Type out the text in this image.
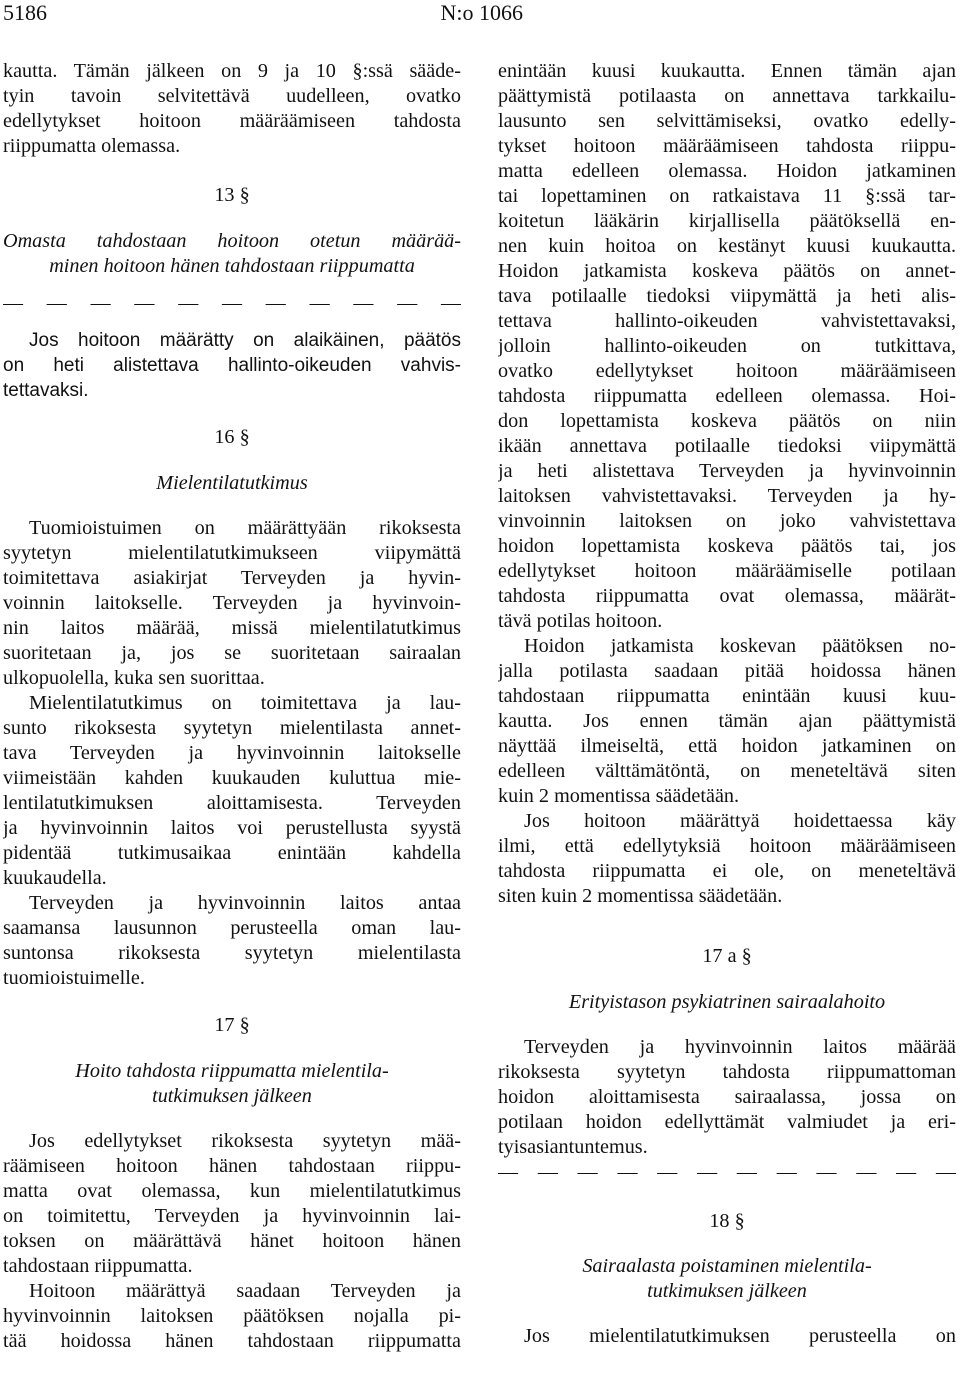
5186	N:o 1066
kautta. Tämän jälkeen on 9 ja 10 §:ssä sääde-
tyin tavoin selvitettävä uudelleen, ovatko
edellytykset hoitoon määräämiseen tahdosta
riippumatta olemassa.
13 §
Omasta tahdostaan hoitoon otetun määrää-
minen hoitoon hänen tahdostaan riippumatta
— — — — — — — — — — —
Jos hoitoon määrätty on alaikäinen, päätös
on heti alistettava hallinto-oikeuden vahvis-
tettavaksi.
16 §
Mielentilatutkimus
Tuomioistuimen on määrättyään rikoksesta
syytetyn mielentilatutkimukseen viipymättä
toimitettava asiakirjat Terveyden ja hyvin-
voinnin laitokselle. Terveyden ja hyvinvoin-
nin laitos määrää, missä mielentilatutkimus
suoritetaan ja, jos se suoritetaan sairaalan
ulkopuolella, kuka sen suorittaa.
Mielentilatutkimus on toimitettava ja lau-
sunto rikoksesta syytetyn mielentilasta annet-
tava Terveyden ja hyvinvoinnin laitokselle
viimeistään kahden kuukauden kuluttua mie-
lentilatutkimuksen aloittamisesta. Terveyden
ja hyvinvoinnin laitos voi perustellusta syystä
pidentää tutkimusaikaa enintään kahdella
kuukaudella.
Terveyden ja hyvinvoinnin laitos antaa
saamansa lausunnon perusteella oman lau-
suntonsa rikoksesta syytetyn mielentilasta
tuomioistuimelle.
17 §
Hoito tahdosta riippumatta mielentila-
tutkimuksen jälkeen
Jos edellytykset rikoksesta syytetyn mää-
räämiseen hoitoon hänen tahdostaan riippu-
matta ovat olemassa, kun mielentilatutkimus
on toimitettu, Terveyden ja hyvinvoinnin lai-
toksen on määrättävä hänet hoitoon hänen
tahdostaan riippumatta.
Hoitoon määrättyä saadaan Terveyden ja
hyvinvoinnin laitoksen päätöksen nojalla pi-
tää hoidossa hänen tahdostaan riippumatta
enintään kuusi kuukautta. Ennen tämän ajan
päättymistä potilaasta on annettava tarkkailu-
lausunto sen selvittämiseksi, ovatko edelly-
tykset hoitoon määräämiseen tahdosta riippu-
matta edelleen olemassa. Hoidon jatkaminen
tai lopettaminen on ratkaistava 11 §:ssä tar-
koitetun lääkärin kirjallisella päätöksellä en-
nen kuin hoitoa on kestänyt kuusi kuukautta.
Hoidon jatkamista koskeva päätös on annet-
tava potilaalle tiedoksi viipymättä ja heti alis-
tettava hallinto-oikeuden vahvistettavaksi,
jolloin hallinto-oikeuden on tutkittava,
ovatko edellytykset hoitoon määräämiseen
tahdosta riippumatta edelleen olemassa. Hoi-
don lopettamista koskeva päätös on niin
ikään annettava potilaalle tiedoksi viipymättä
ja heti alistettava Terveyden ja hyvinvoinnin
laitoksen vahvistettavaksi. Terveyden ja hy-
vinvoinnin laitoksen on joko vahvistettava
hoidon lopettamista koskeva päätös tai, jos
edellytykset hoitoon määräämiselle potilaan
tahdosta riippumatta ovat olemassa, määrät-
tävä potilas hoitoon.
Hoidon jatkamista koskevan päätöksen no-
jalla potilasta saadaan pitää hoidossa hänen
tahdostaan riippumatta enintään kuusi kuu-
kautta. Jos ennen tämän ajan päättymistä
näyttää ilmeiseltä, että hoidon jatkaminen on
edelleen välttämätöntä, on meneteltävä siten
kuin 2 momentissa säädetään.
Jos hoitoon määrättyä hoidettaessa käy
ilmi, että edellytyksiä hoitoon määräämiseen
tahdosta riippumatta ei ole, on meneteltävä
siten kuin 2 momentissa säädetään.
17 a §
Erityistason psykiatrinen sairaalahoito
Terveyden ja hyvinvoinnin laitos määrää
rikoksesta syytetyn tahdosta riippumattoman
hoidon aloittamisesta sairaalassa, jossa on
potilaan hoidon edellyttämät valmiudet ja eri-
tyisasiantuntemus.
— — — — — — — — — — — —
18 §
Sairaalasta poistaminen mielentila-
tutkimuksen jälkeen
Jos mielentilatutkimuksen perusteella on
